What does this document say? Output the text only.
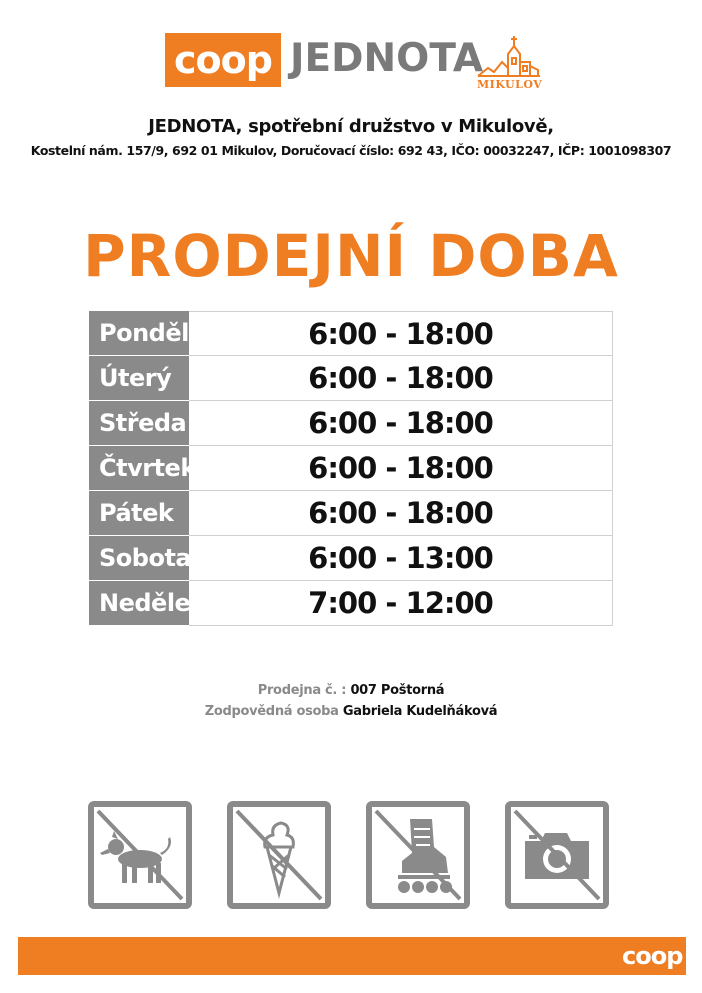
coop JEDNOTA
MIKULOV
JEDNOTA, spotřební družstvo v Mikulově,
Kostelní nám. 157/9, 692 01 Mikulov, Doručovací číslo: 692 43, IČO: 00032247, IČP: 1001098307
PRODEJNÍ DOBA
Pondělí	6:00 - 18:00
Úterý	6:00 - 18:00
Středa	6:00 - 18:00
Čtvrtek	6:00 - 18:00
Pátek	6:00 - 18:00
Sobota	6:00 - 13:00
Neděle	7:00 - 12:00
Prodejna č. : 007 Poštorná
Zodpovědná osoba Gabriela Kudelňáková
coop
